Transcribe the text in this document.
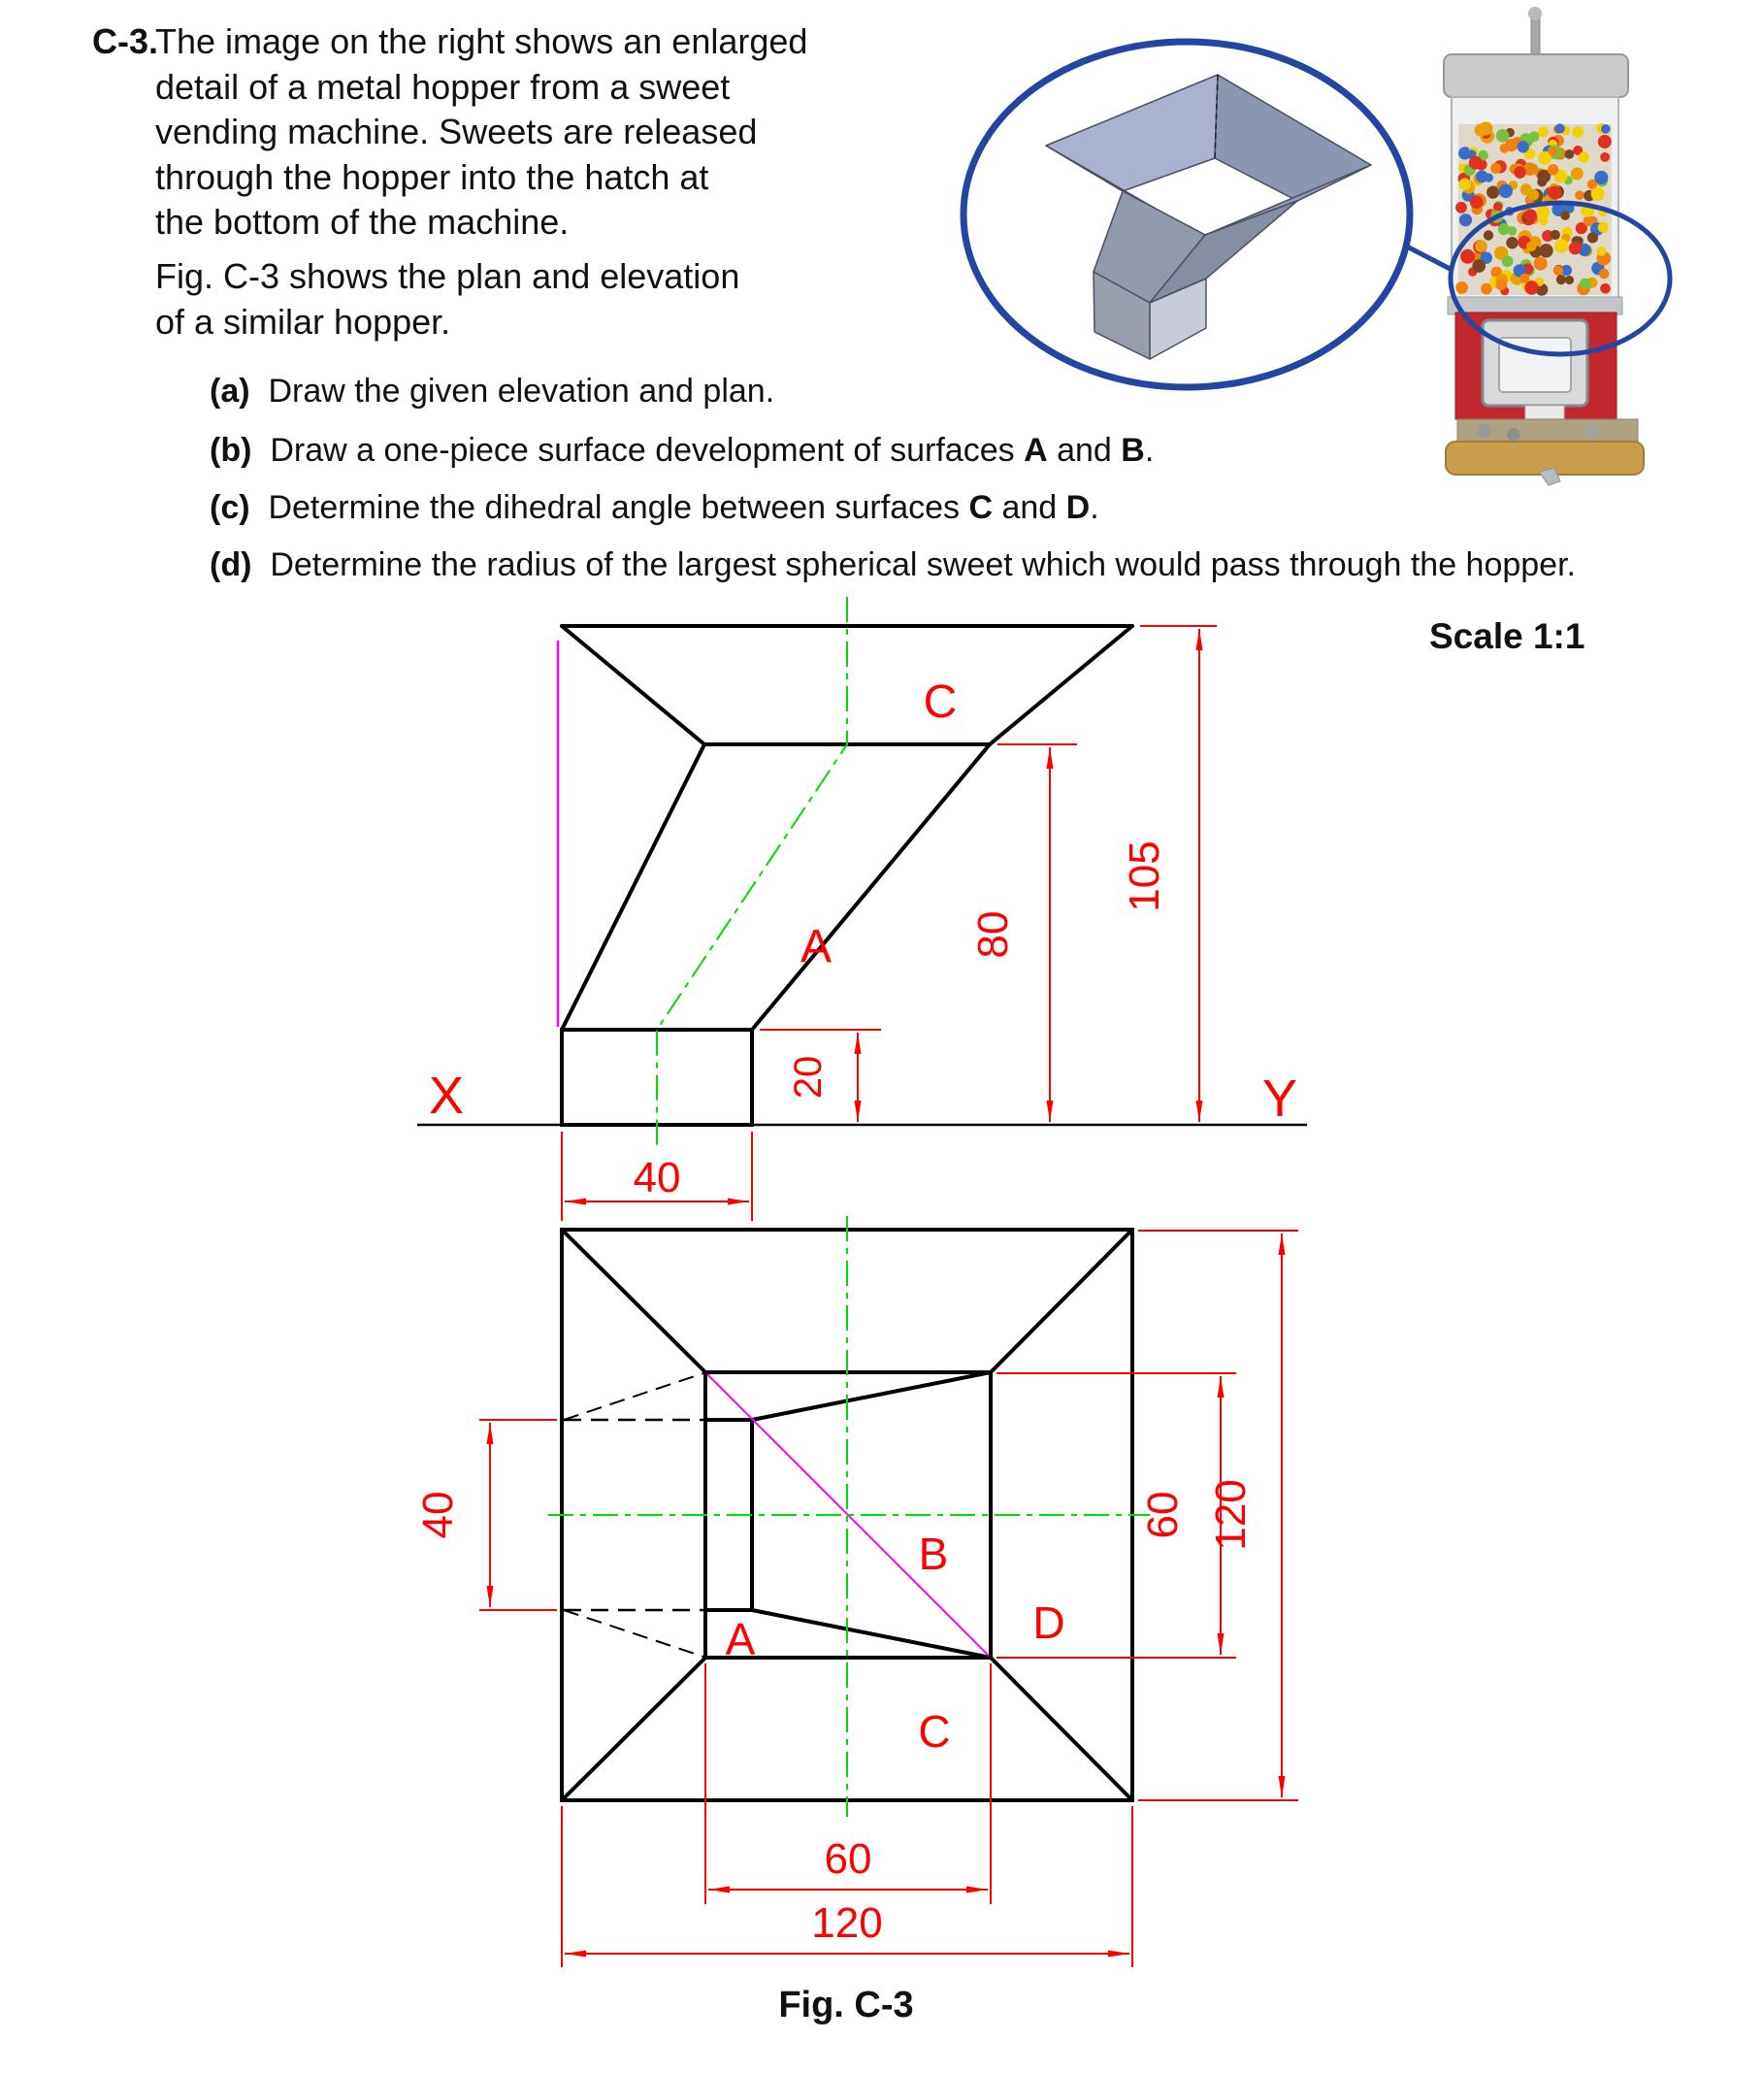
C
A
20
80
105
40
X	Y
A
B
C
D
40	60 120
60
120
Scale 1:1
Fig. C-3
C-3.
The image on the right shows an enlarged
detail of a metal hopper from a sweet
vending machine. Sweets are released
through the hopper into the hatch at
the bottom of the machine.
Fig. C-3 shows the plan and elevation
of a similar hopper.
(a) Draw the given elevation and plan.
(b) Draw a one-piece surface development of surfaces A and B.
(c) Determine the dihedral angle between surfaces C and D.
(d) Determine the radius of the largest spherical sweet which would pass through the hopper.
